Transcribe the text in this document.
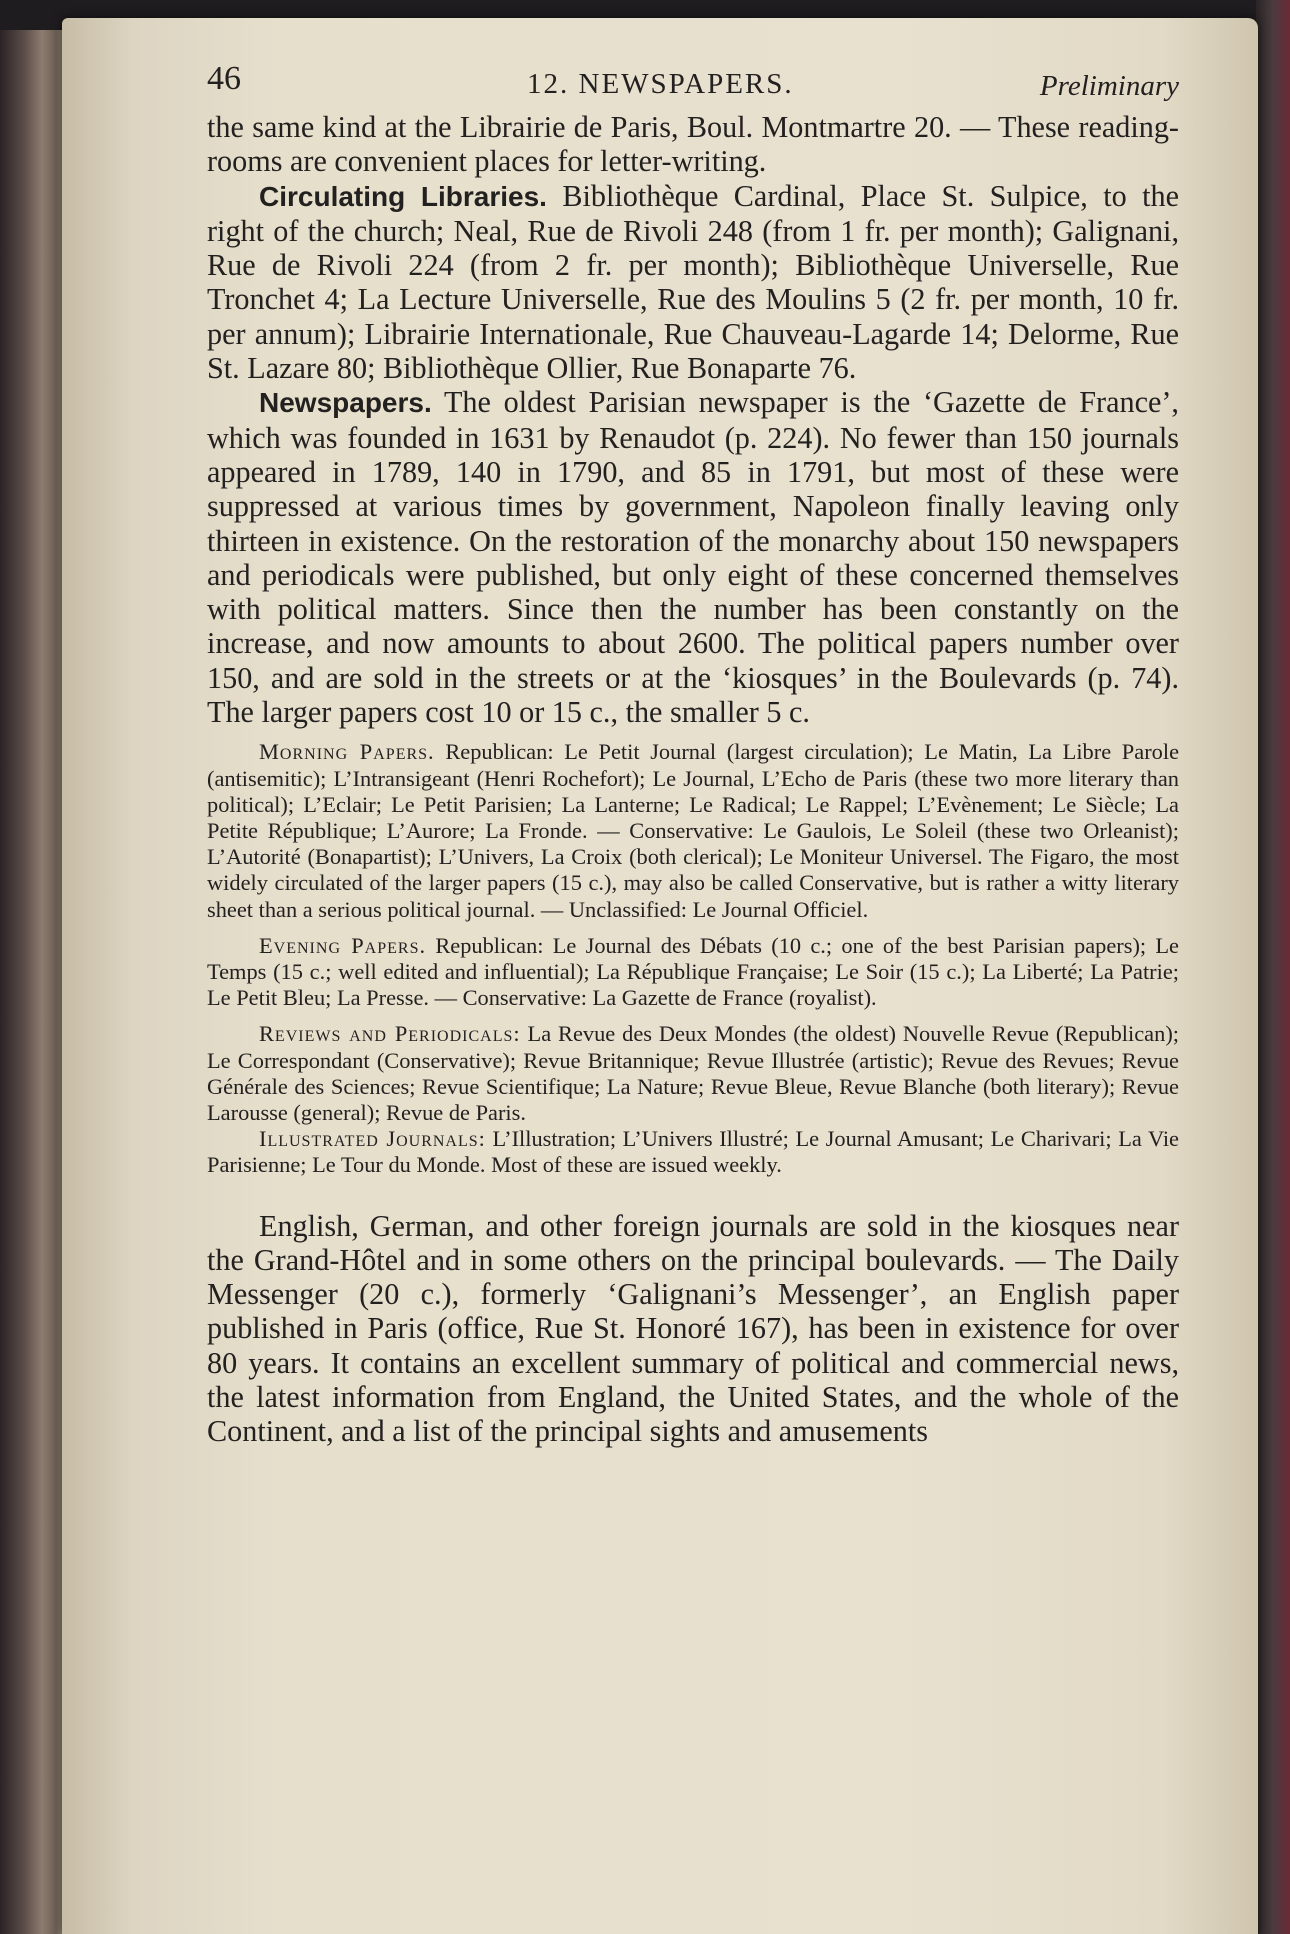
46	12. NEWSPAPERS.	Preliminary

the same kind at the Librairie de Paris, Boul. Montmartre 20. — These reading-rooms are convenient places for letter-writing.

Circulating Libraries. Bibliothèque Cardinal, Place St. Sulpice, to the right of the church; Neal, Rue de Rivoli 248 (from 1 fr. per month); Galignani, Rue de Rivoli 224 (from 2 fr. per month); Bibliothèque Universelle, Rue Tronchet 4; La Lecture Universelle, Rue des Moulins 5 (2 fr. per month, 10 fr. per annum); Librairie Internationale, Rue Chauveau-Lagarde 14; Delorme, Rue St. Lazare 80; Bibliothèque Ollier, Rue Bonaparte 76.

Newspapers. The oldest Parisian newspaper is the ‘Gazette de France’, which was founded in 1631 by Renaudot (p. 224). No fewer than 150 journals appeared in 1789, 140 in 1790, and 85 in 1791, but most of these were suppressed at various times by government, Napoleon finally leaving only thirteen in existence. On the restoration of the monarchy about 150 newspapers and periodicals were published, but only eight of these concerned themselves with political matters. Since then the number has been constantly on the increase, and now amounts to about 2600. The political papers number over 150, and are sold in the streets or at the ‘kiosques’ in the Boulevards (p. 74). The larger papers cost 10 or 15 c., the smaller 5 c.

Morning Papers. Republican: Le Petit Journal (largest circulation); Le Matin, La Libre Parole (antisemitic); L’Intransigeant (Henri Rochefort); Le Journal, L’Echo de Paris (these two more literary than political); L’Eclair; Le Petit Parisien; La Lanterne; Le Radical; Le Rappel; L’Evènement; Le Siècle; La Petite République; L’Aurore; La Fronde. — Conservative: Le Gaulois, Le Soleil (these two Orleanist); L’Autorité (Bonapartist); L’Univers, La Croix (both clerical); Le Moniteur Universel. The Figaro, the most widely circulated of the larger papers (15 c.), may also be called Conservative, but is rather a witty literary sheet than a serious political journal. — Unclassified: Le Journal Officiel.

Evening Papers. Republican: Le Journal des Débats (10 c.; one of the best Parisian papers); Le Temps (15 c.; well edited and influential); La République Française; Le Soir (15 c.); La Liberté; La Patrie; Le Petit Bleu; La Presse. — Conservative: La Gazette de France (royalist).

Reviews and Periodicals: La Revue des Deux Mondes (the oldest) Nouvelle Revue (Republican); Le Correspondant (Conservative); Revue Britannique; Revue Illustrée (artistic); Revue des Revues; Revue Générale des Sciences; Revue Scientifique; La Nature; Revue Bleue, Revue Blanche (both literary); Revue Larousse (general); Revue de Paris.

Illustrated Journals: L’Illustration; L’Univers Illustré; Le Journal Amusant; Le Charivari; La Vie Parisienne; Le Tour du Monde. Most of these are issued weekly.

English, German, and other foreign journals are sold in the kiosques near the Grand-Hôtel and in some others on the principal boulevards. — The Daily Messenger (20 c.), formerly ‘Galignani’s Messenger’, an English paper published in Paris (office, Rue St. Honoré 167), has been in existence for over 80 years. It contains an excellent summary of political and commercial news, the latest information from England, the United States, and the whole of the Continent, and a list of the principal sights and amusements
